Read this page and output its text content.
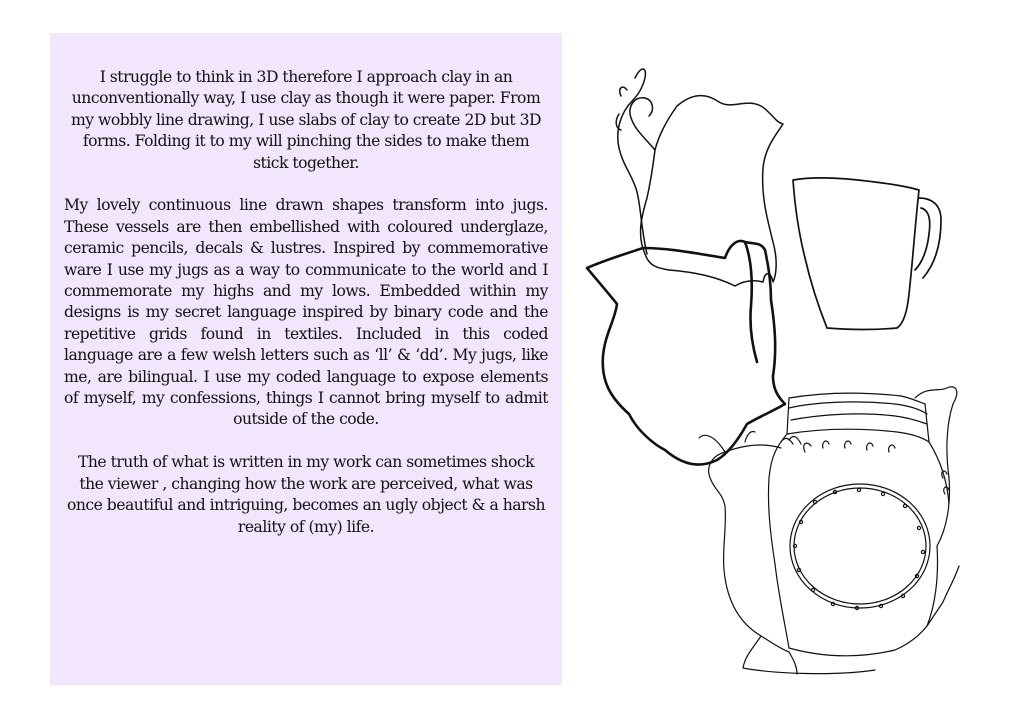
I struggle to think in 3D therefore I approach clay in an unconventionally way, I use clay as though it were paper. From my wobbly line drawing, I use slabs of clay to create 2D but 3D forms. Folding it to my will pinching the sides to make them stick together.

My lovely continuous line drawn shapes transform into jugs. These vessels are then embellished with coloured underglaze, ceramic pencils, decals & lustres. Inspired by commemorative ware I use my jugs as a way to communicate to the world and I commemorate my highs and my lows. Embedded within my designs is my secret language inspired by binary code and the repetitive grids found in textiles. Included in this coded language are a few welsh letters such as ‘ll’ & ‘dd’. My jugs, like me, are bilingual. I use my coded language to expose elements of myself, my confessions, things I cannot bring myself to admit outside of the code.

The truth of what is written in my work can sometimes shock the viewer , changing how the work are perceived, what was once beautiful and intriguing, becomes an ugly object & a harsh reality of (my) life.
